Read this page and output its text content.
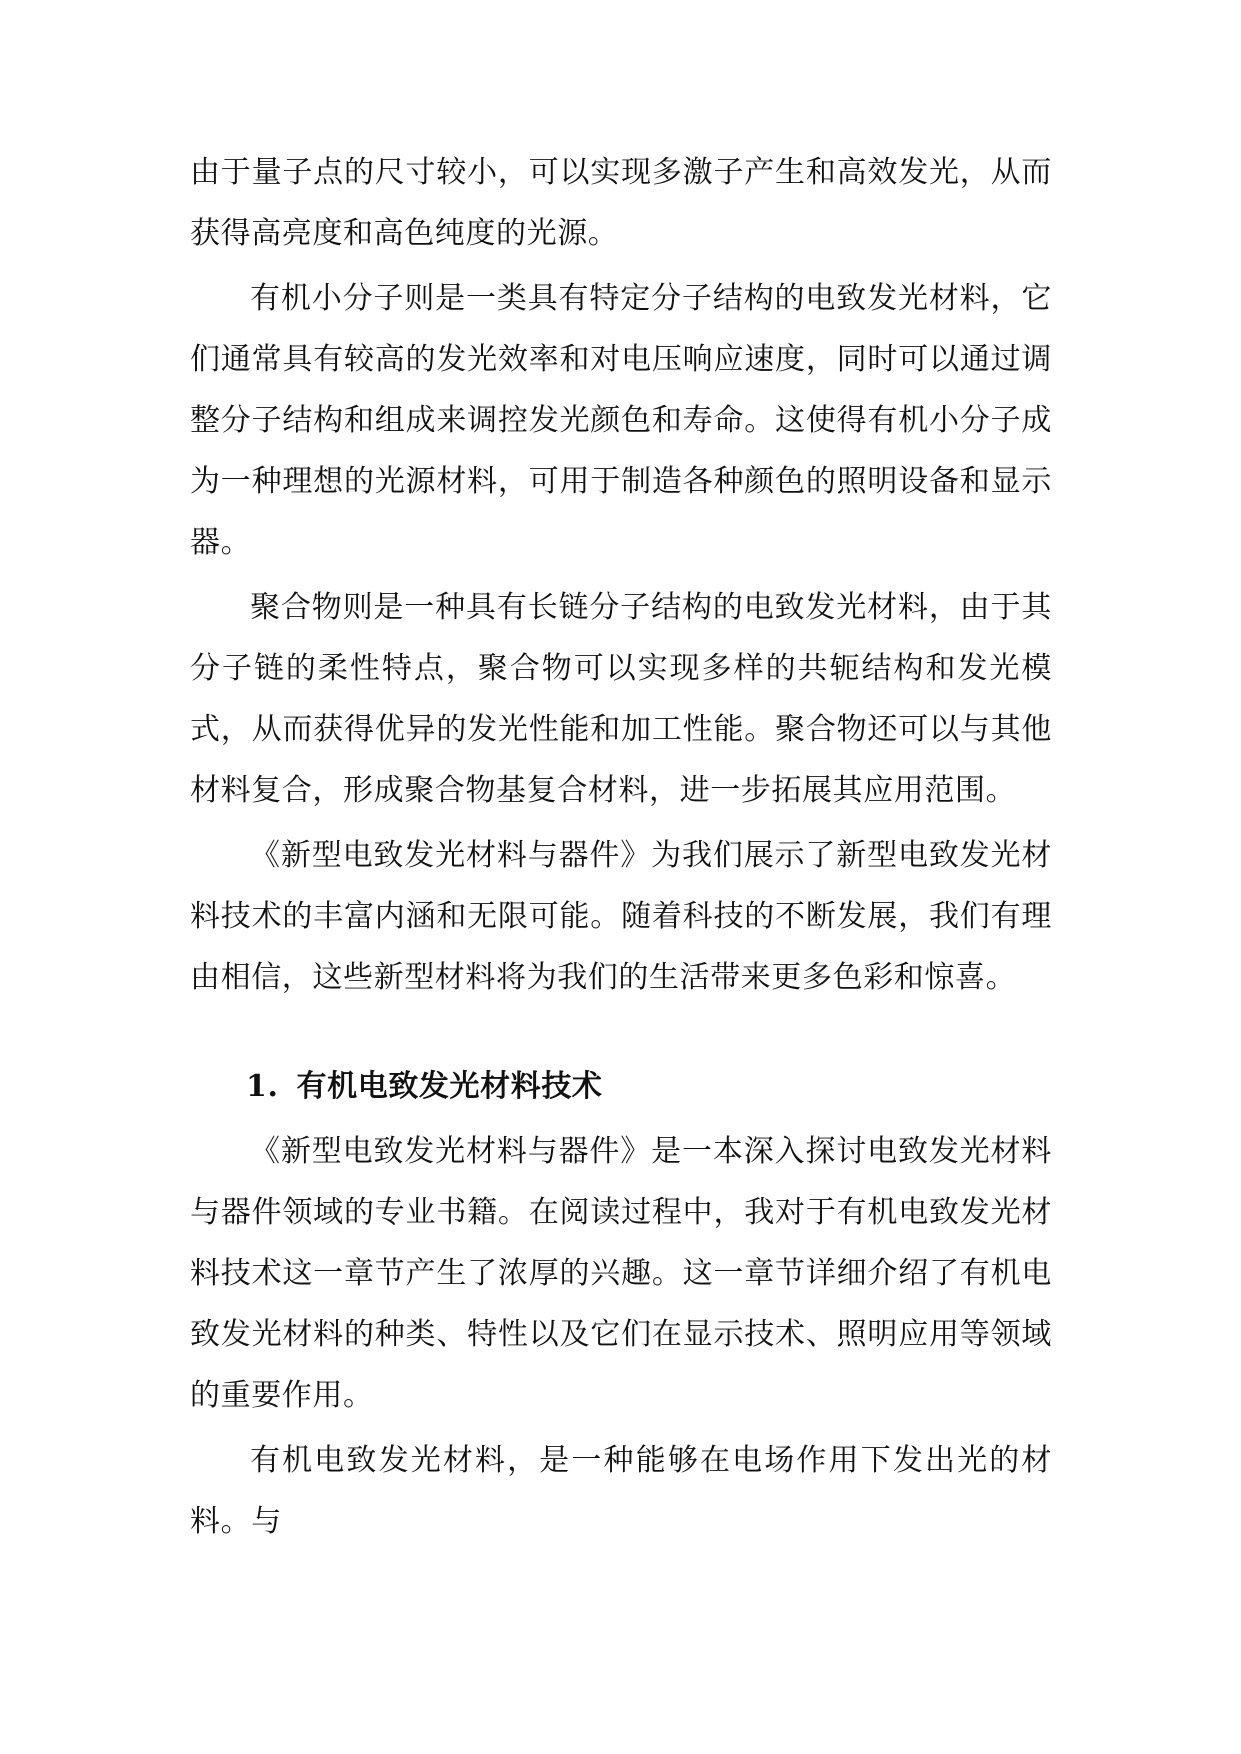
由于量子点的尺寸较小，可以实现多激子产生和高效发光，从而获得高亮度和高色纯度的光源。

有机小分子则是一类具有特定分子结构的电致发光材料，它们通常具有较高的发光效率和对电压响应速度，同时可以通过调整分子结构和组成来调控发光颜色和寿命。这使得有机小分子成为一种理想的光源材料，可用于制造各种颜色的照明设备和显示器。

聚合物则是一种具有长链分子结构的电致发光材料，由于其分子链的柔性特点，聚合物可以实现多样的共轭结构和发光模式，从而获得优异的发光性能和加工性能。聚合物还可以与其他材料复合，形成聚合物基复合材料，进一步拓展其应用范围。

《新型电致发光材料与器件》为我们展示了新型电致发光材料技术的丰富内涵和无限可能。随着科技的不断发展，我们有理由相信，这些新型材料将为我们的生活带来更多色彩和惊喜。

1. 有机电致发光材料技术

《新型电致发光材料与器件》是一本深入探讨电致发光材料与器件领域的专业书籍。在阅读过程中，我对于有机电致发光材料技术这一章节产生了浓厚的兴趣。这一章节详细介绍了有机电致发光材料的种类、特性以及它们在显示技术、照明应用等领域的重要作用。

有机电致发光材料，是一种能够在电场作用下发出光的材料。与
